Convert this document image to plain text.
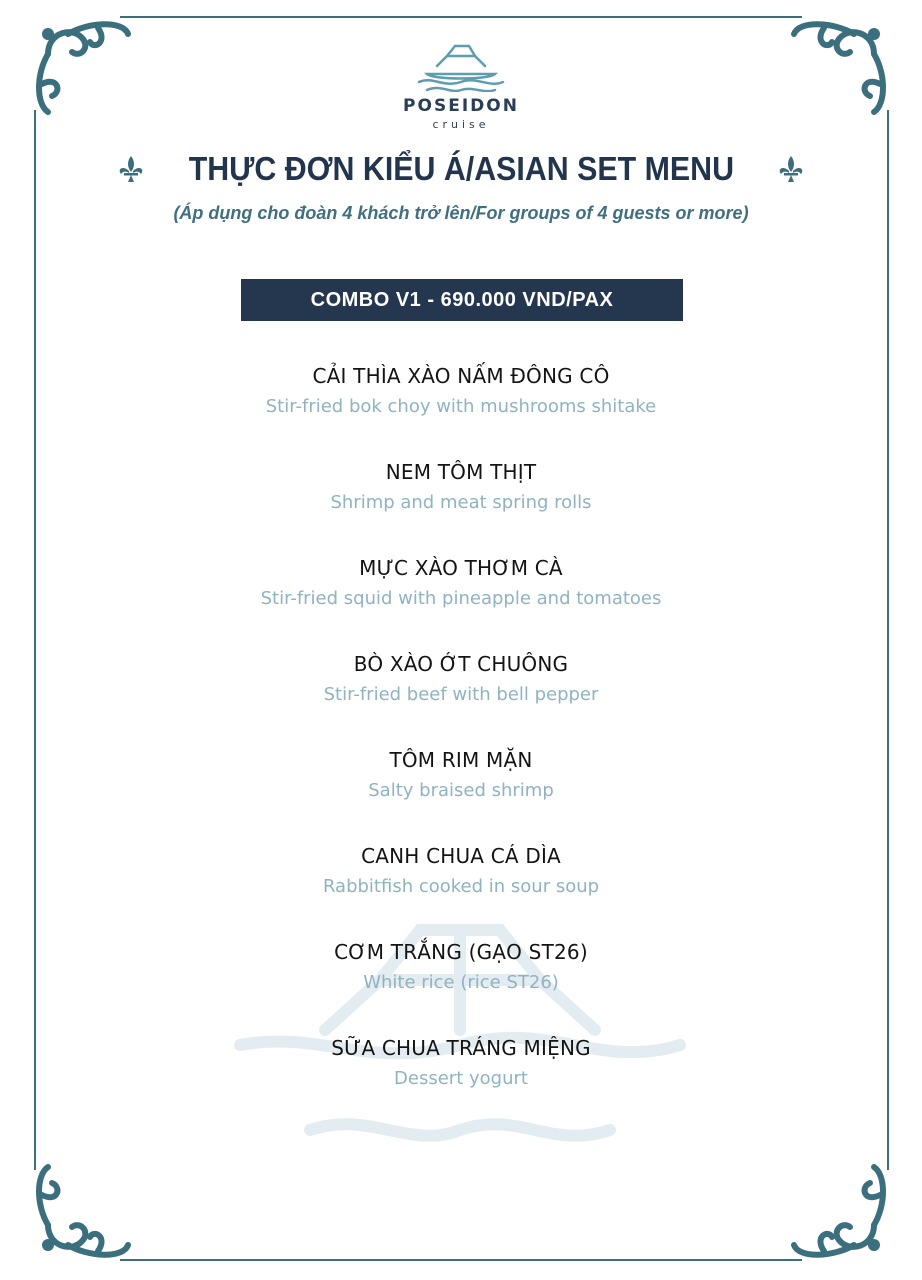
POSEIDON
cruise
THỰC ĐƠN KIỂU Á/ASIAN SET MENU
(Áp dụng cho đoàn 4 khách trở lên/For groups of 4 guests or more)
COMBO V1 - 690.000 VND/PAX
CẢI THÌA XÀO NẤM ĐÔNG CÔ
Stir-fried bok choy with mushrooms shitake
NEM TÔM THỊT
Shrimp and meat spring rolls
MỰC XÀO THƠM CÀ
Stir-fried squid with pineapple and tomatoes
BÒ XÀO ỚT CHUÔNG
Stir-fried beef with bell pepper
TÔM RIM MẶN
Salty braised shrimp
CANH CHUA CÁ DÌA
Rabbitfish cooked in sour soup
CƠM TRẮNG (GẠO ST26)
White rice (rice ST26)
SỮA CHUA TRÁNG MIỆNG
Dessert yogurt
